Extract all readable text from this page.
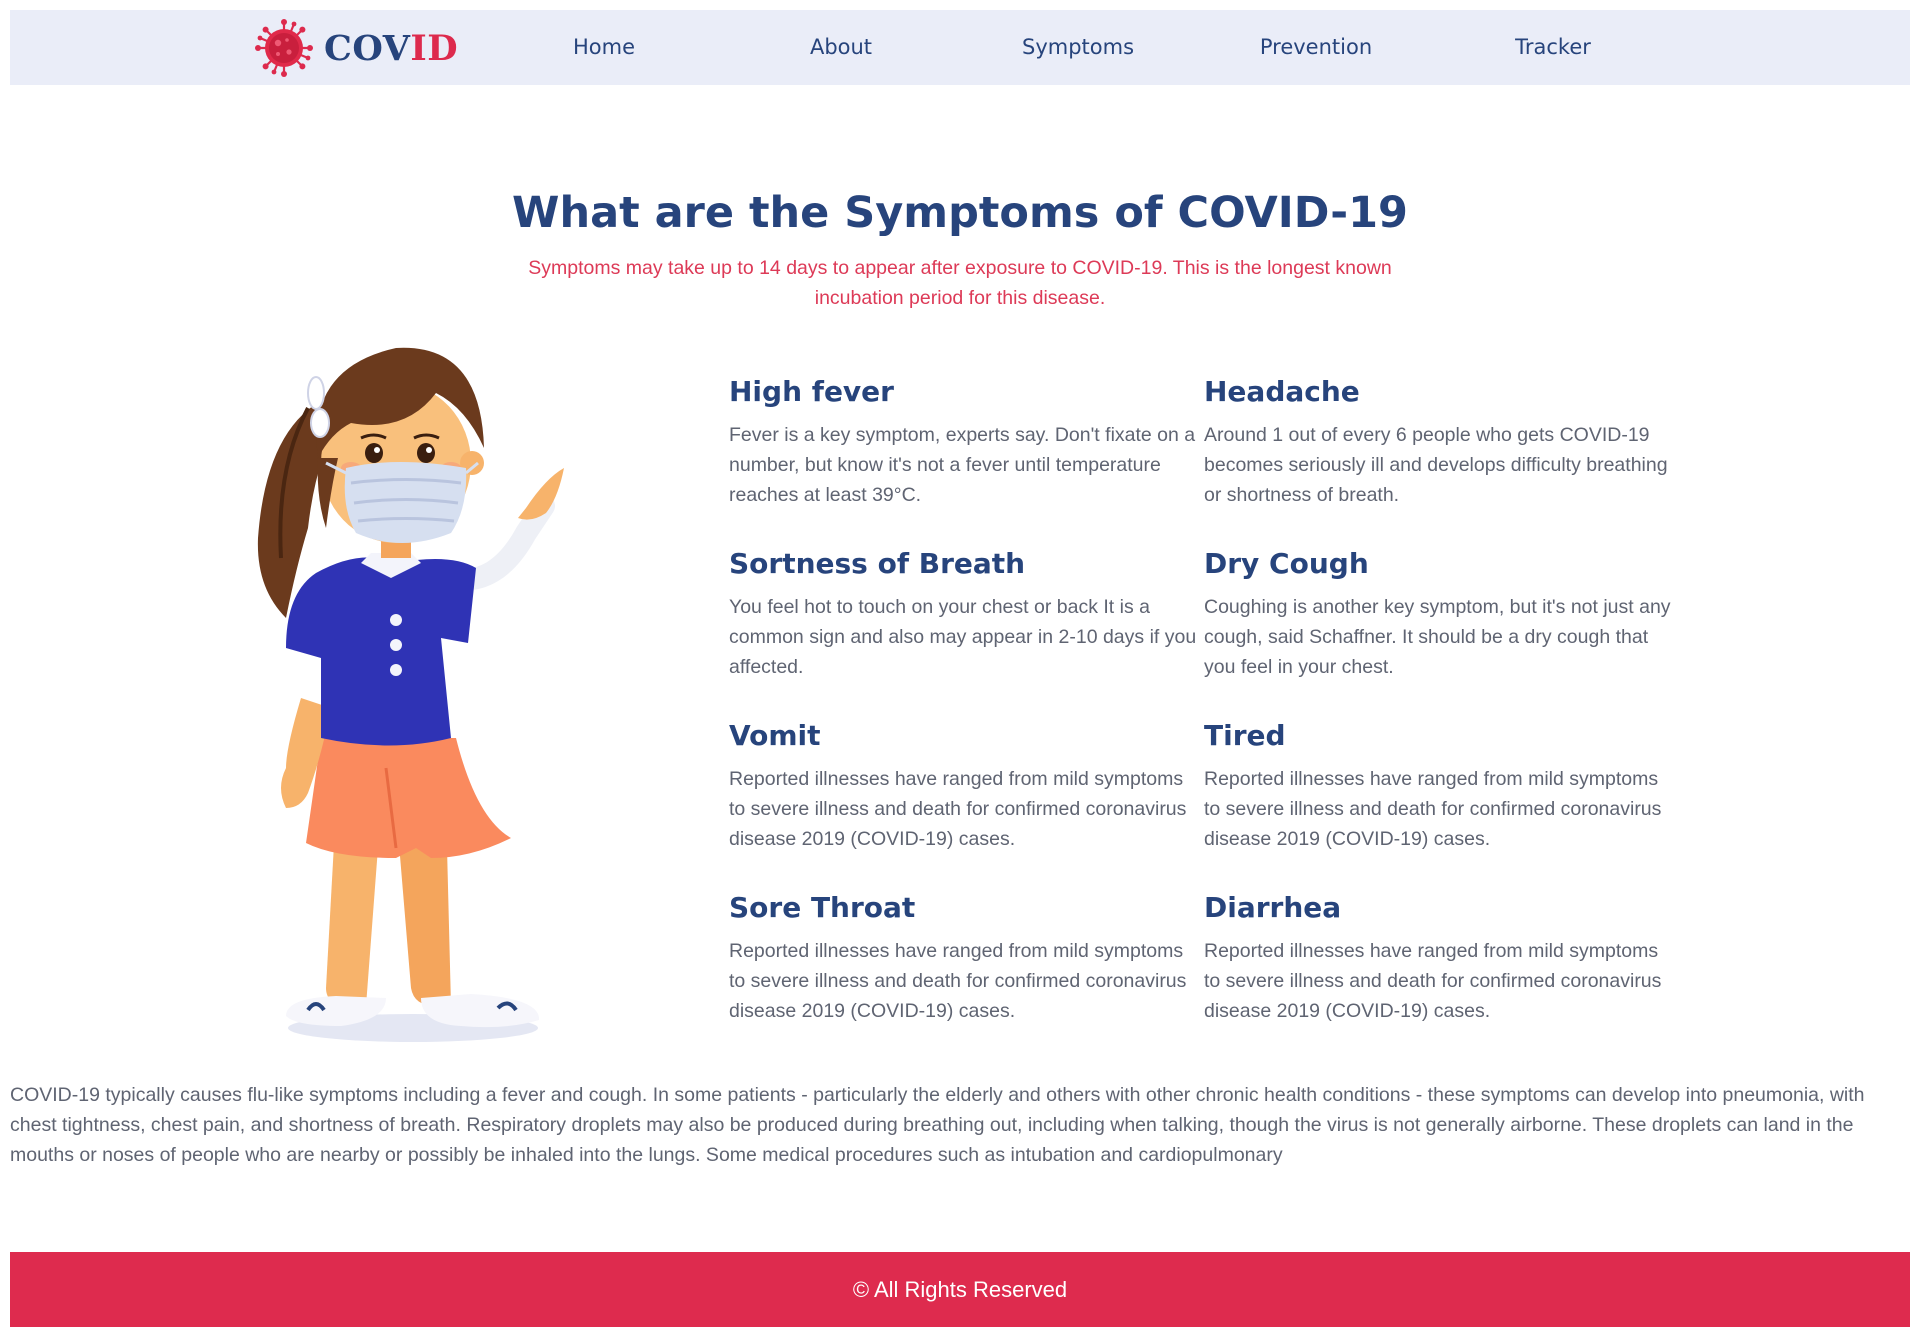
COVID	Home	About	Symptoms	Prevention	Tracker
What are the Symptoms of COVID-19

Symptoms may take up to 14 days to appear after exposure to COVID-19. This is the longest known incubation period for this disease.

High fever

Fever is a key symptom, experts say. Don't fixate on a number, but know it's not a fever until temperature reaches at least 39°C.

Headache

Around 1 out of every 6 people who gets COVID-19 becomes seriously ill and develops difficulty breathing or shortness of breath.

Sortness of Breath

You feel hot to touch on your chest or back It is a common sign and also may appear in 2-10 days if you affected.

Dry Cough

Coughing is another key symptom, but it's not just any cough, said Schaffner. It should be a dry cough that you feel in your chest.

Vomit

Reported illnesses have ranged from mild symptoms to severe illness and death for confirmed coronavirus disease 2019 (COVID-19) cases.

Tired

Reported illnesses have ranged from mild symptoms to severe illness and death for confirmed coronavirus disease 2019 (COVID-19) cases.

Sore Throat

Reported illnesses have ranged from mild symptoms to severe illness and death for confirmed coronavirus disease 2019 (COVID-19) cases.

Diarrhea

Reported illnesses have ranged from mild symptoms to severe illness and death for confirmed coronavirus disease 2019 (COVID-19) cases.

COVID-19 typically causes flu-like symptoms including a fever and cough. In some patients - particularly the elderly and others with other chronic health conditions - these symptoms can develop into pneumonia, with chest tightness, chest pain, and shortness of breath. Respiratory droplets may also be produced during breathing out, including when talking, though the virus is not generally airborne. These droplets can land in the mouths or noses of people who are nearby or possibly be inhaled into the lungs. Some medical procedures such as intubation and cardiopulmonary

© All Rights Reserved
